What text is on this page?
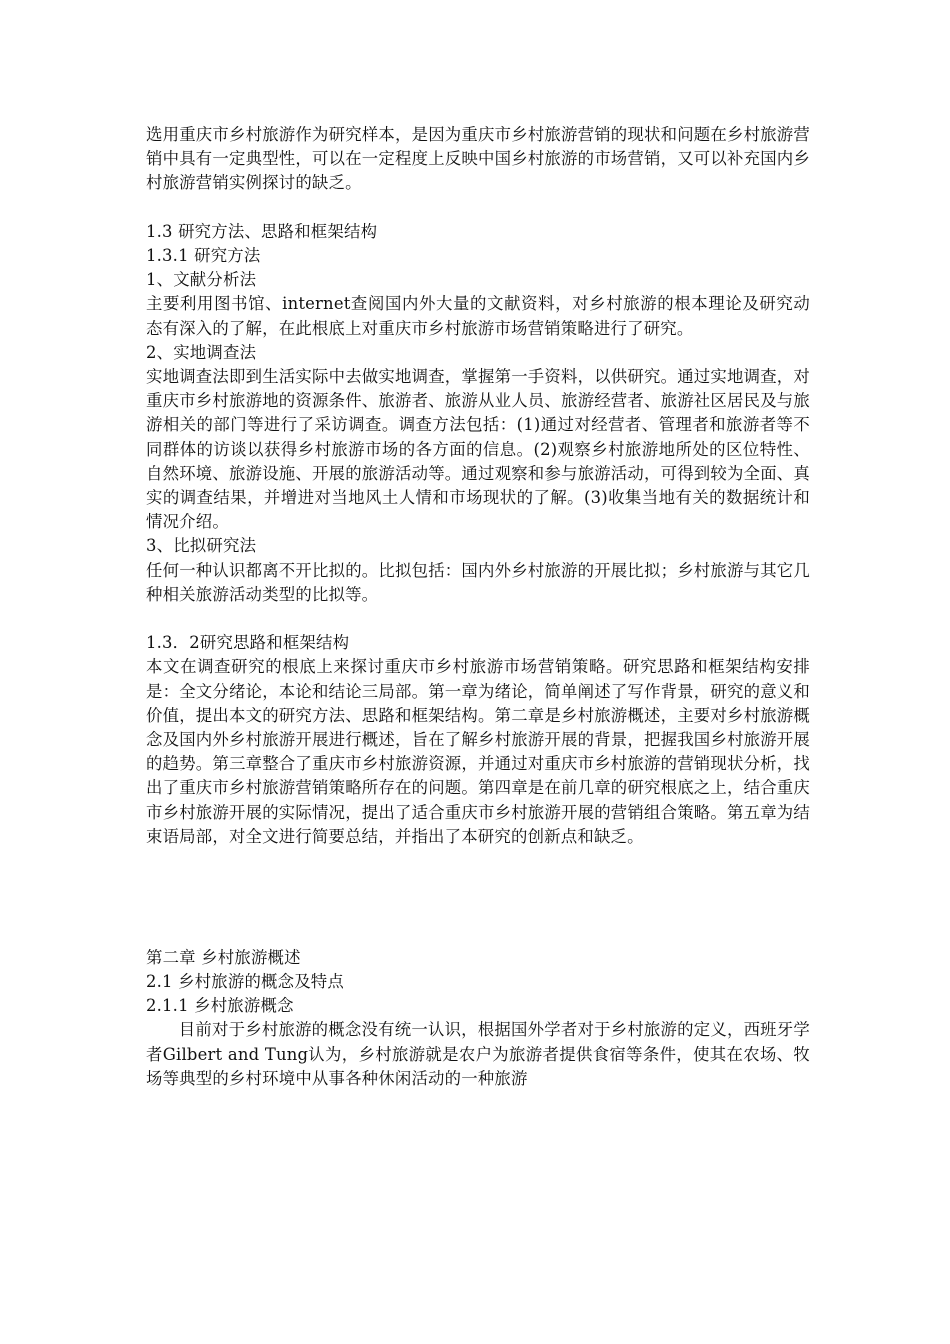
选用重庆市乡村旅游作为研究样本，是因为重庆市乡村旅游营销的现状和问题在乡村旅游营销中具有一定典型性，可以在一定程度上反映中国乡村旅游的市场营销，又可以补充国内乡村旅游营销实例探讨的缺乏。

1.3 研究方法、思路和框架结构

1.3.1 研究方法

1、文献分析法

主要利用图书馆、internet查阅国内外大量的文献资料，对乡村旅游的根本理论及研究动态有深入的了解，在此根底上对重庆市乡村旅游市场营销策略进行了研究。

2、实地调查法

实地调查法即到生活实际中去做实地调查，掌握第一手资料，以供研究。通过实地调查，对重庆市乡村旅游地的资源条件、旅游者、旅游从业人员、旅游经营者、旅游社区居民及与旅游相关的部门等进行了采访调查。调查方法包括：(1)通过对经营者、管理者和旅游者等不同群体的访谈以获得乡村旅游市场的各方面的信息。(2)观察乡村旅游地所处的区位特性、自然环境、旅游设施、开展的旅游活动等。通过观察和参与旅游活动，可得到较为全面、真实的调查结果，并增进对当地风土人情和市场现状的了解。(3)收集当地有关的数据统计和情况介绍。

3、比拟研究法

任何一种认识都离不开比拟的。比拟包括：国内外乡村旅游的开展比拟；乡村旅游与其它几种相关旅游活动类型的比拟等。

1.3．2研究思路和框架结构

本文在调查研究的根底上来探讨重庆市乡村旅游市场营销策略。研究思路和框架结构安排是：全文分绪论，本论和结论三局部。第一章为绪论，简单阐述了写作背景，研究的意义和价值，提出本文的研究方法、思路和框架结构。第二章是乡村旅游概述，主要对乡村旅游概念及国内外乡村旅游开展进行概述，旨在了解乡村旅游开展的背景，把握我国乡村旅游开展的趋势。第三章整合了重庆市乡村旅游资源，并通过对重庆市乡村旅游的营销现状分析，找出了重庆市乡村旅游营销策略所存在的问题。第四章是在前几章的研究根底之上，结合重庆市乡村旅游开展的实际情况，提出了适合重庆市乡村旅游开展的营销组合策略。第五章为结束语局部，对全文进行简要总结，并指出了本研究的创新点和缺乏。

第二章 乡村旅游概述

2.1 乡村旅游的概念及特点

2.1.1 乡村旅游概念

目前对于乡村旅游的概念没有统一认识，根据国外学者对于乡村旅游的定义，西班牙学者Gilbert and Tung认为，乡村旅游就是农户为旅游者提供食宿等条件，使其在农场、牧场等典型的乡村环境中从事各种休闲活动的一种旅游
